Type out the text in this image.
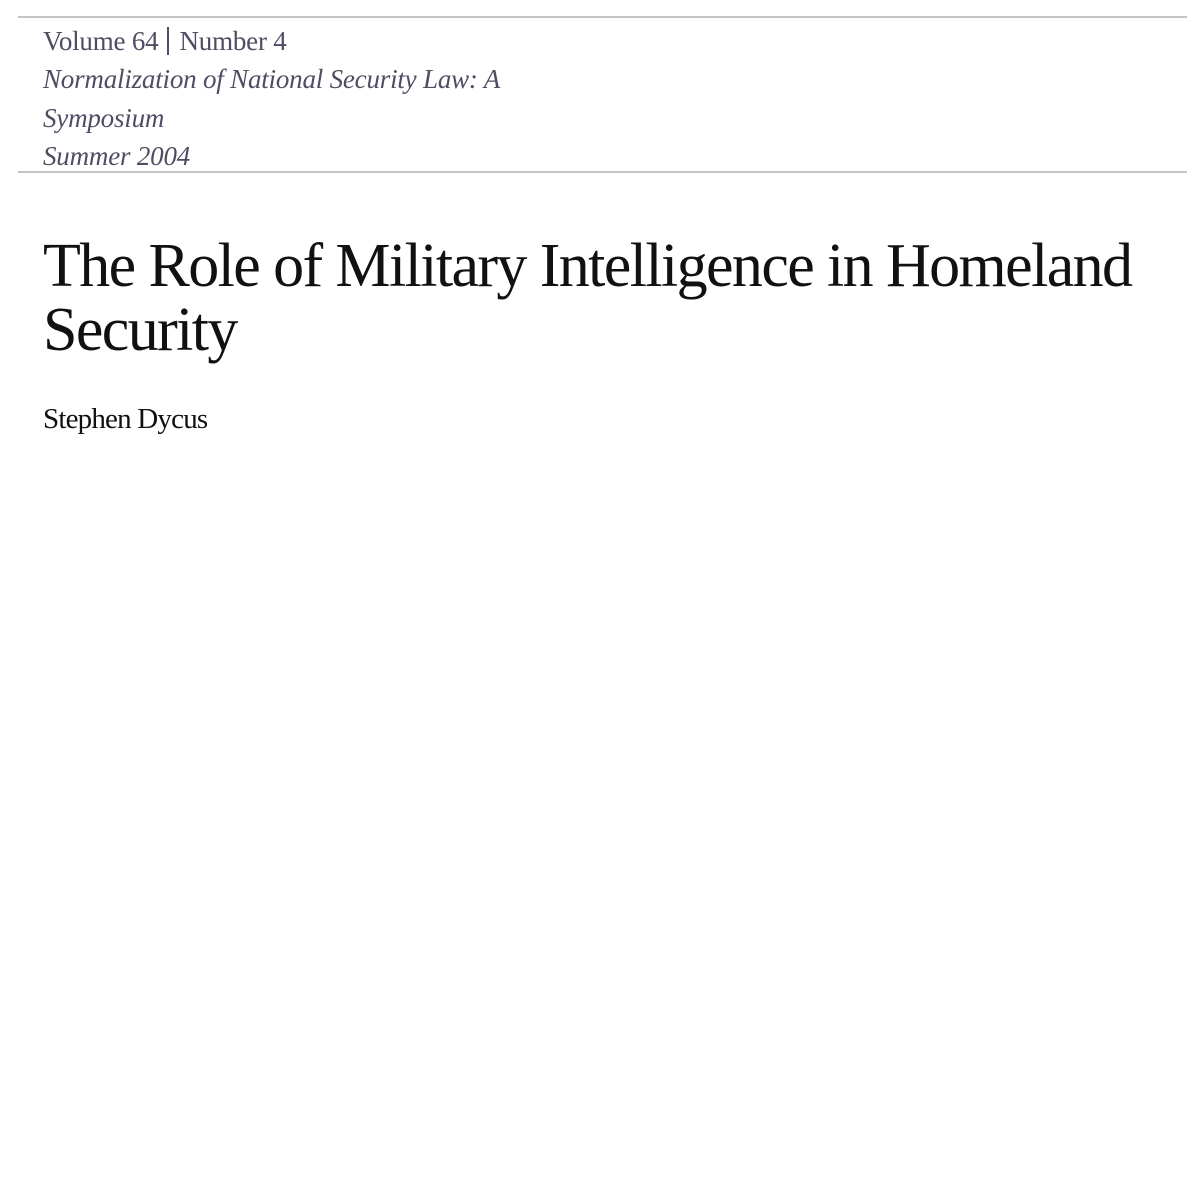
Volume 64 Number 4
Normalization of National Security Law: A Symposium
Summer 2004
The Role of Military Intelligence in Homeland Security
Stephen Dycus
